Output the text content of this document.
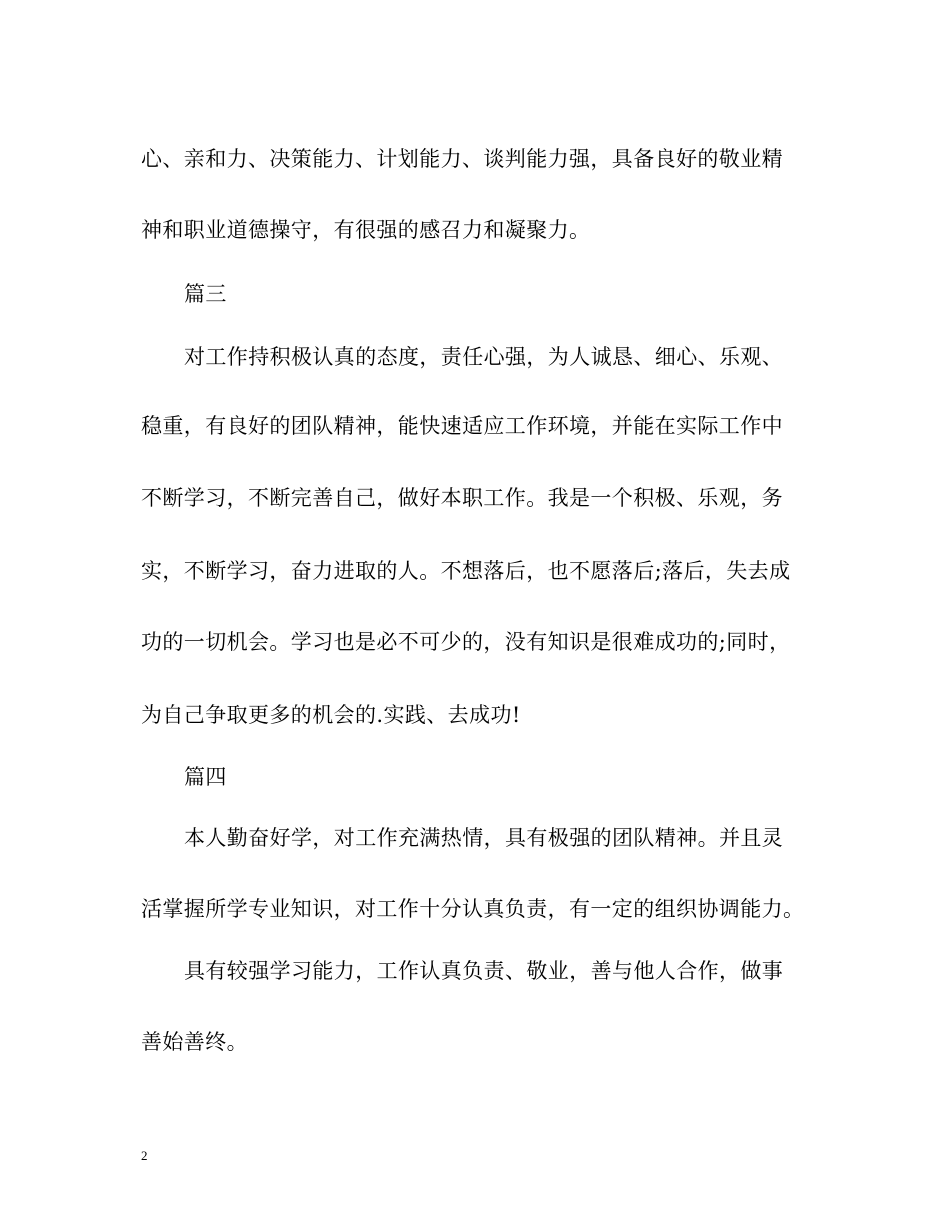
心、亲和力、决策能力、计划能力、谈判能力强，具备良好的敬业精
神和职业道德操守，有很强的感召力和凝聚力。
篇三
对工作持积极认真的态度，责任心强，为人诚恳、细心、乐观、
稳重，有良好的团队精神，能快速适应工作环境，并能在实际工作中
不断学习，不断完善自己，做好本职工作。我是一个积极、乐观，务
实，不断学习，奋力进取的人。不想落后，也不愿落后;落后，失去成
功的一切机会。学习也是必不可少的，没有知识是很难成功的;同时，
为自己争取更多的机会的.实践、去成功!
篇四
本人勤奋好学，对工作充满热情，具有极强的团队精神。并且灵
活掌握所学专业知识，对工作十分认真负责，有一定的组织协调能力。
具有较强学习能力，工作认真负责、敬业，善与他人合作，做事
善始善终。
2
